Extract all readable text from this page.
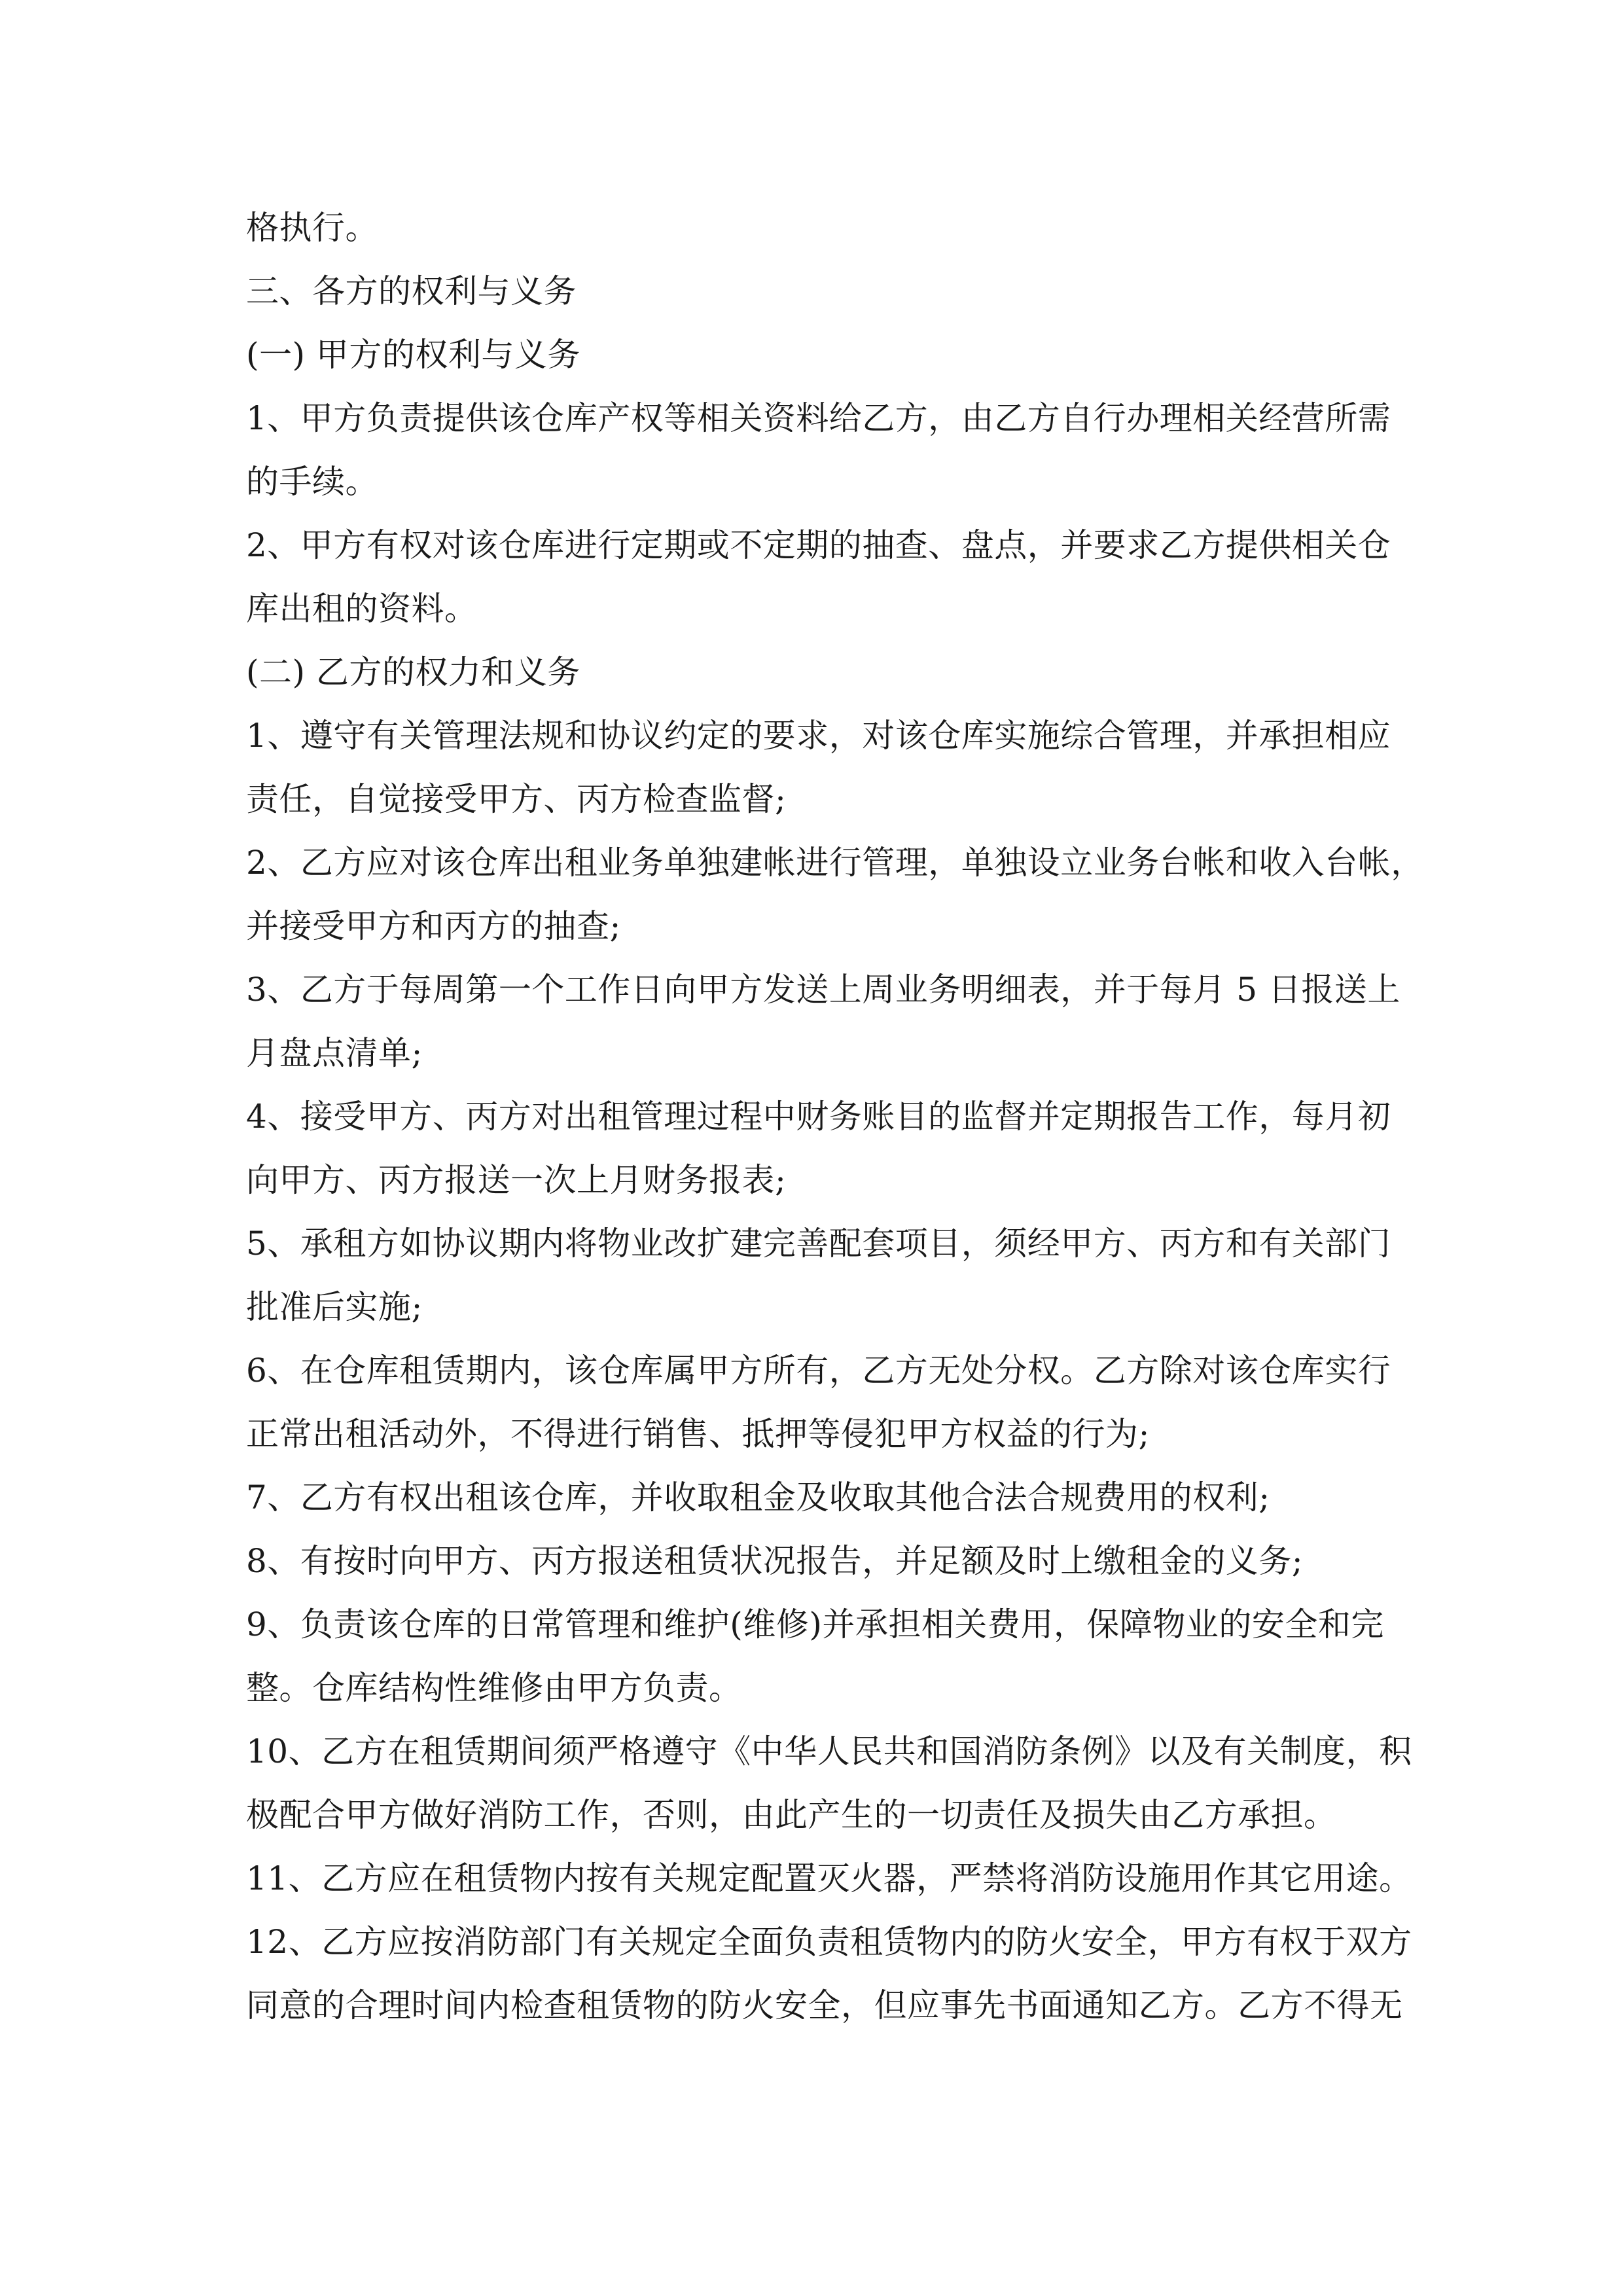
格执行。
三、各方的权利与义务
(一) 甲方的权利与义务
1、甲方负责提供该仓库产权等相关资料给乙方，由乙方自行办理相关经营所需
的手续。
2、甲方有权对该仓库进行定期或不定期的抽查、盘点，并要求乙方提供相关仓
库出租的资料。
(二) 乙方的权力和义务
1、遵守有关管理法规和协议约定的要求，对该仓库实施综合管理，并承担相应
责任，自觉接受甲方、丙方检查监督;
2、乙方应对该仓库出租业务单独建帐进行管理，单独设立业务台帐和收入台帐，
并接受甲方和丙方的抽查;
3、乙方于每周第一个工作日向甲方发送上周业务明细表，并于每月 5 日报送上
月盘点清单;
4、接受甲方、丙方对出租管理过程中财务账目的监督并定期报告工作，每月初
向甲方、丙方报送一次上月财务报表;
5、承租方如协议期内将物业改扩建完善配套项目，须经甲方、丙方和有关部门
批准后实施;
6、在仓库租赁期内，该仓库属甲方所有，乙方无处分权。乙方除对该仓库实行
正常出租活动外，不得进行销售、抵押等侵犯甲方权益的行为;
7、乙方有权出租该仓库，并收取租金及收取其他合法合规费用的权利;
8、有按时向甲方、丙方报送租赁状况报告，并足额及时上缴租金的义务;
9、负责该仓库的日常管理和维护(维修)并承担相关费用，保障物业的安全和完
整。仓库结构性维修由甲方负责。
10、乙方在租赁期间须严格遵守《中华人民共和国消防条例》以及有关制度，积
极配合甲方做好消防工作，否则，由此产生的一切责任及损失由乙方承担。
11、乙方应在租赁物内按有关规定配置灭火器，严禁将消防设施用作其它用途。
12、乙方应按消防部门有关规定全面负责租赁物内的防火安全，甲方有权于双方
同意的合理时间内检查租赁物的防火安全，但应事先书面通知乙方。乙方不得无
